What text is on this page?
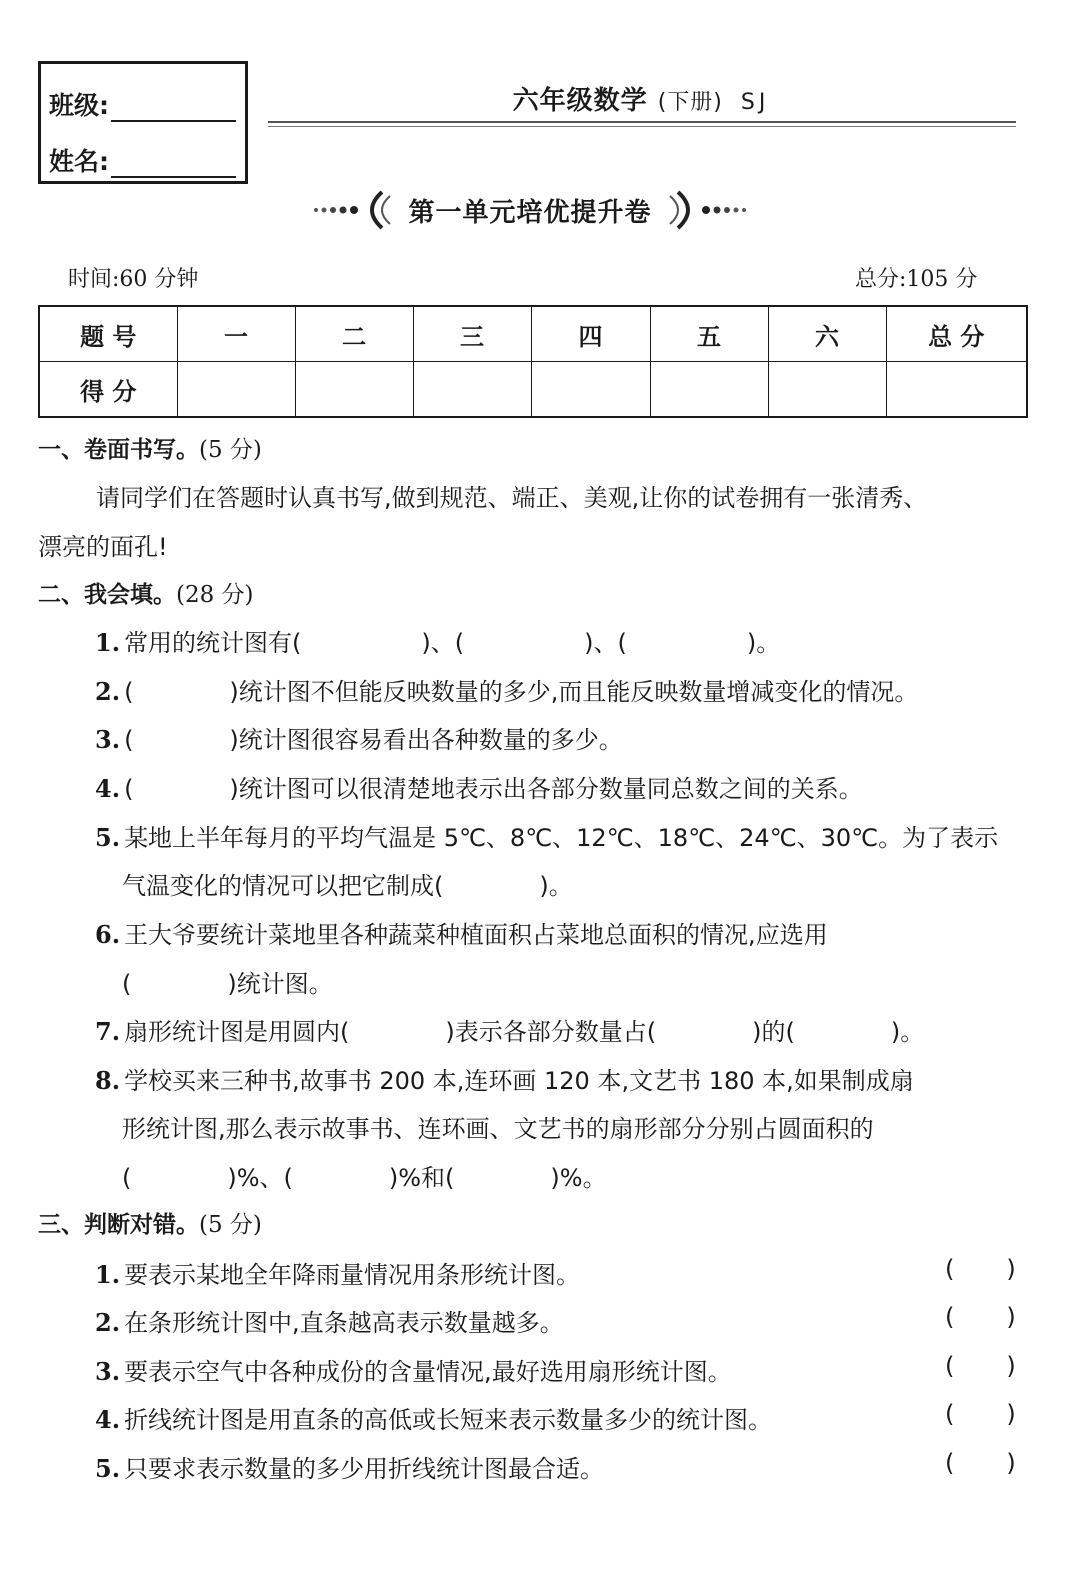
班级:
姓名:
六年级数学 (下册) SJ
第一单元培优提升卷
时间:60 分钟	总分:105 分
题 号	一	二	三	四	五	六	总 分
得 分							
一、卷面书写。(5 分)
请同学们在答题时认真书写,做到规范、端正、美观,让你的试卷拥有一张清秀、
漂亮的面孔!
二、我会填。(28 分)
1. 常用的统计图有(　　　　　)、(　　　　　)、(　　　　　)。
2. (　　　　)统计图不但能反映数量的多少,而且能反映数量增减变化的情况。
3. (　　　　)统计图很容易看出各种数量的多少。
4. (　　　　)统计图可以很清楚地表示出各部分数量同总数之间的关系。
5. 某地上半年每月的平均气温是 5℃、8℃、12℃、18℃、24℃、30℃。为了表示
气温变化的情况可以把它制成(　　　　)。
6. 王大爷要统计菜地里各种蔬菜种植面积占菜地总面积的情况,应选用
(　　　　)统计图。
7. 扇形统计图是用圆内(　　　　)表示各部分数量占(　　　　)的(　　　　)。
8. 学校买来三种书,故事书 200 本,连环画 120 本,文艺书 180 本,如果制成扇
形统计图,那么表示故事书、连环画、文艺书的扇形部分分别占圆面积的
(　　　　)%、(　　　　)%和(　　　　)%。
三、判断对错。(5 分)
1. 要表示某地全年降雨量情况用条形统计图。	( )
2. 在条形统计图中,直条越高表示数量越多。	( )
3. 要表示空气中各种成份的含量情况,最好选用扇形统计图。	( )
4. 折线统计图是用直条的高低或长短来表示数量多少的统计图。	( )
5. 只要求表示数量的多少用折线统计图最合适。	( )
